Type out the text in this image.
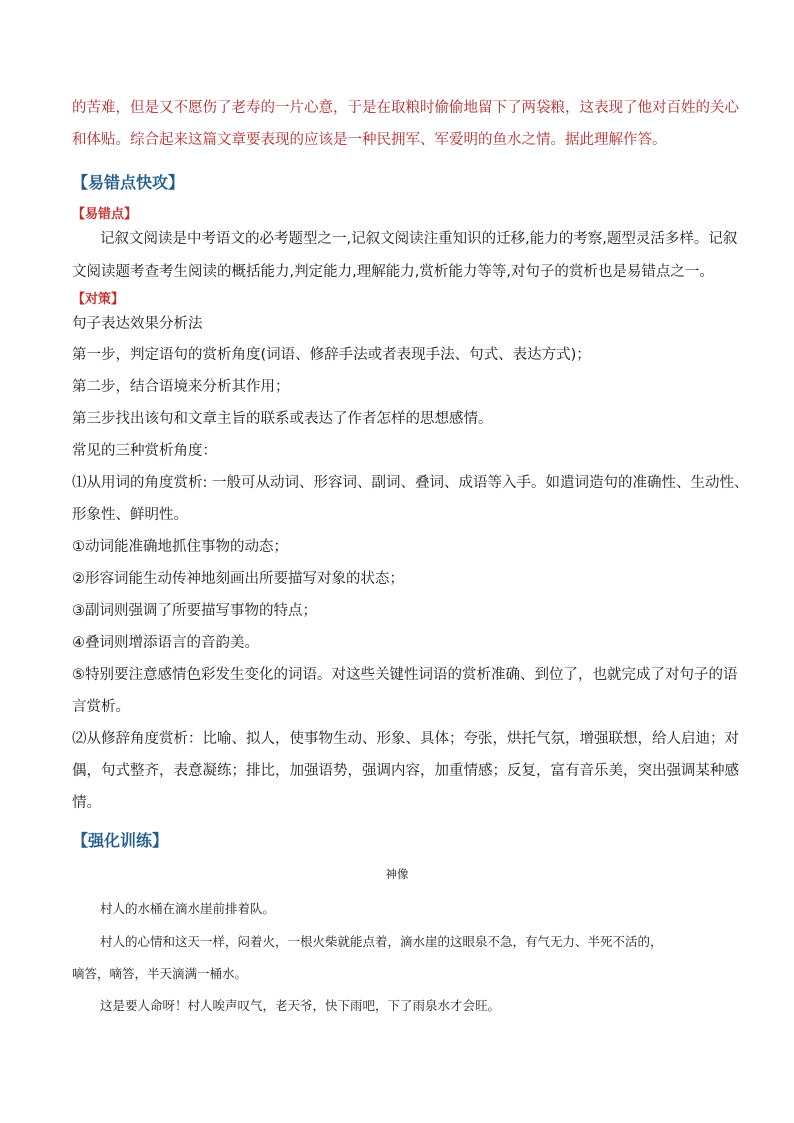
的苦难，但是又不愿伤了老寿的一片心意，于是在取粮时偷偷地留下了两袋粮，这表现了他对百姓的关心
和体贴。综合起来这篇文章要表现的应该是一种民拥军、军爱明的鱼水之情。据此理解作答。
【易错点快攻】
【易错点】
记叙文阅读是中考语文的必考题型之一,记叙文阅读注重知识的迁移,能力的考察,题型灵活多样。记叙
文阅读题考查考生阅读的概括能力,判定能力,理解能力,赏析能力等等,对句子的赏析也是易错点之一。
【对策】
句子表达效果分析法
第一步，判定语句的赏析角度(词语、修辞手法或者表现手法、句式、表达方式)；
第二步，结合语境来分析其作用；
第三步找出该句和文章主旨的联系或表达了作者怎样的思想感情。
常见的三种赏析角度：
⑴从用词的角度赏析: 一般可从动词、形容词、副词、叠词、成语等入手。如遣词造句的准确性、生动性、
形象性、鲜明性。
①动词能准确地抓住事物的动态；
②形容词能生动传神地刻画出所要描写对象的状态；
③副词则强调了所要描写事物的特点；
④叠词则增添语言的音韵美。
⑤特别要注意感情色彩发生变化的词语。对这些关键性词语的赏析准确、到位了，也就完成了对句子的语
言赏析。
⑵从修辞角度赏析：比喻、拟人，使事物生动、形象、具体；夸张，烘托气氛，增强联想，给人启迪；对
偶，句式整齐，表意凝练；排比，加强语势，强调内容，加重情感；反复，富有音乐美，突出强调某种感
情。
【强化训练】
神像
村人的水桶在滴水崖前排着队。
村人的心情和这天一样，闷着火，一根火柴就能点着，滴水崖的这眼泉不急，有气无力、半死不活的，
嘀答，嘀答，半天滴满一桶水。
这是要人命呀！村人唉声叹气，老天爷，快下雨吧，下了雨泉水才会旺。
